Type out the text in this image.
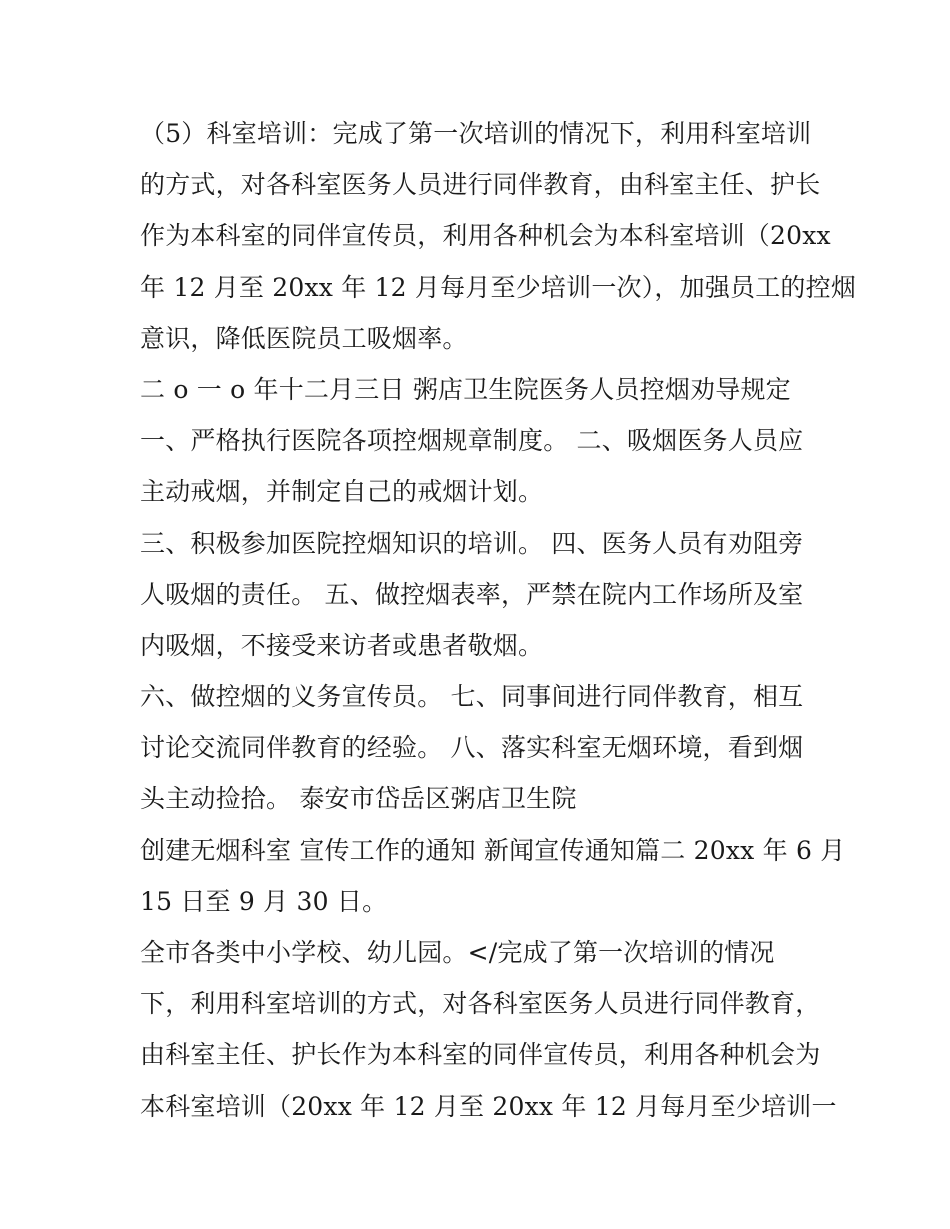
（5）科室培训：完成了第一次培训的情况下，利用科室培训
的方式，对各科室医务人员进行同伴教育，由科室主任、护长
作为本科室的同伴宣传员，利用各种机会为本科室培训（20xx
年 12 月至 20xx 年 12 月每月至少培训一次），加强员工的控烟
意识，降低医院员工吸烟率。
二 o 一 o 年十二月三日 粥店卫生院医务人员控烟劝导规定
一、严格执行医院各项控烟规章制度。 二、吸烟医务人员应
主动戒烟，并制定自己的戒烟计划。
三、积极参加医院控烟知识的培训。 四、医务人员有劝阻旁
人吸烟的责任。 五、做控烟表率，严禁在院内工作场所及室
内吸烟，不接受来访者或患者敬烟。
六、做控烟的义务宣传员。 七、同事间进行同伴教育，相互
讨论交流同伴教育的经验。 八、落实科室无烟环境，看到烟
头主动捡拾。 泰安市岱岳区粥店卫生院
创建无烟科室 宣传工作的通知 新闻宣传通知篇二 20xx 年 6 月
15 日至 9 月 30 日。
全市各类中小学校、幼儿园。</完成了第一次培训的情况
下，利用科室培训的方式，对各科室医务人员进行同伴教育，
由科室主任、护长作为本科室的同伴宣传员，利用各种机会为
本科室培训（20xx 年 12 月至 20xx 年 12 月每月至少培训一
